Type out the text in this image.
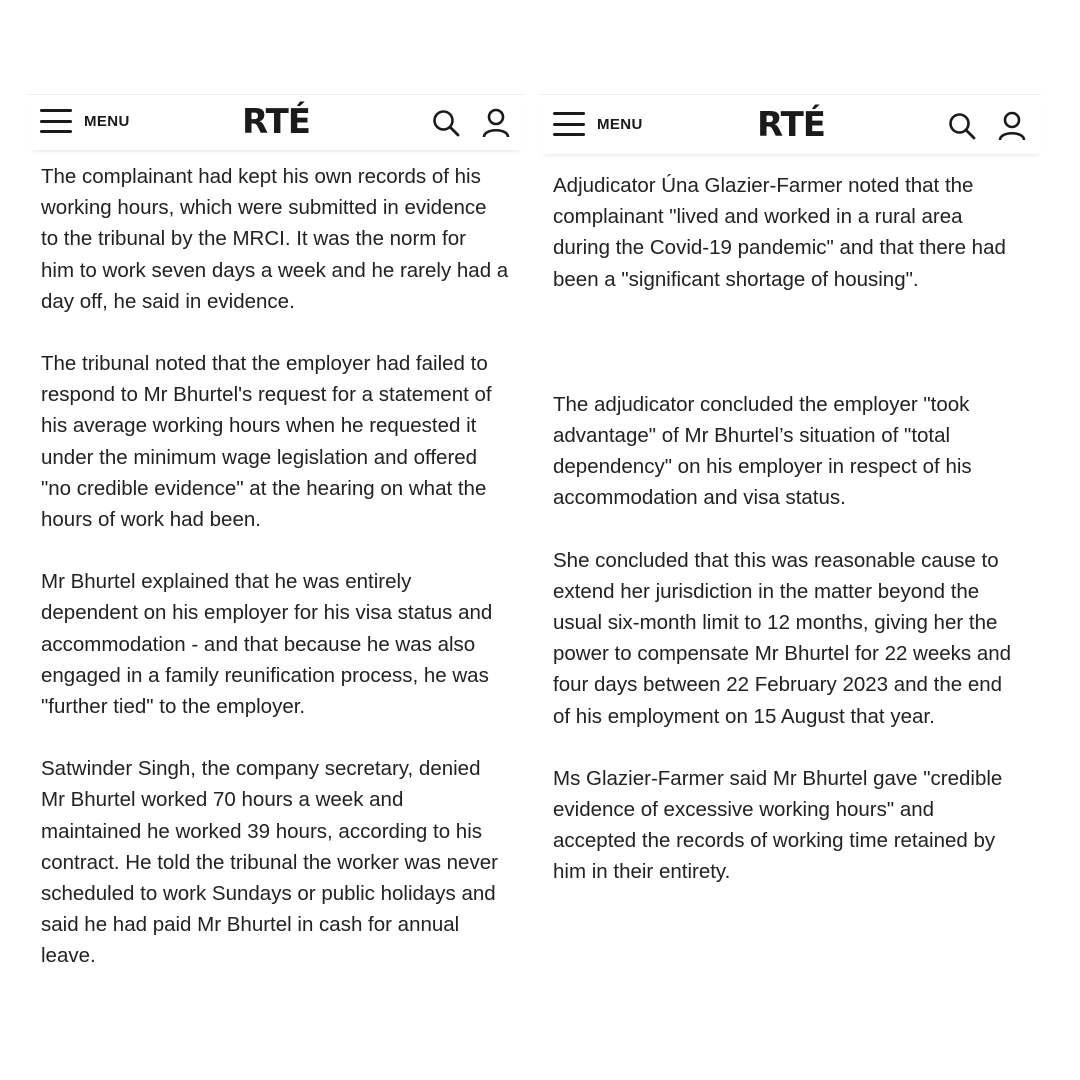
MENU	RTÉ

The complainant had kept his own records of his
working hours, which were submitted in evidence
to the tribunal by the MRCI. It was the norm for
him to work seven days a week and he rarely had a
day off, he said in evidence.

The tribunal noted that the employer had failed to
respond to Mr Bhurtel's request for a statement of
his average working hours when he requested it
under the minimum wage legislation and offered
"no credible evidence" at the hearing on what the
hours of work had been.

Mr Bhurtel explained that he was entirely
dependent on his employer for his visa status and
accommodation - and that because he was also
engaged in a family reunification process, he was
"further tied" to the employer.

Satwinder Singh, the company secretary, denied
Mr Bhurtel worked 70 hours a week and
maintained he worked 39 hours, according to his
contract. He told the tribunal the worker was never
scheduled to work Sundays or public holidays and
said he had paid Mr Bhurtel in cash for annual
leave.

MENU	RTÉ

Adjudicator Úna Glazier-Farmer noted that the
complainant "lived and worked in a rural area
during the Covid-19 pandemic" and that there had
been a "significant shortage of housing".

The adjudicator concluded the employer "took
advantage" of Mr Bhurtel’s situation of "total
dependency" on his employer in respect of his
accommodation and visa status.

She concluded that this was reasonable cause to
extend her jurisdiction in the matter beyond the
usual six-month limit to 12 months, giving her the
power to compensate Mr Bhurtel for 22 weeks and
four days between 22 February 2023 and the end
of his employment on 15 August that year.

Ms Glazier-Farmer said Mr Bhurtel gave "credible
evidence of excessive working hours" and
accepted the records of working time retained by
him in their entirety.
